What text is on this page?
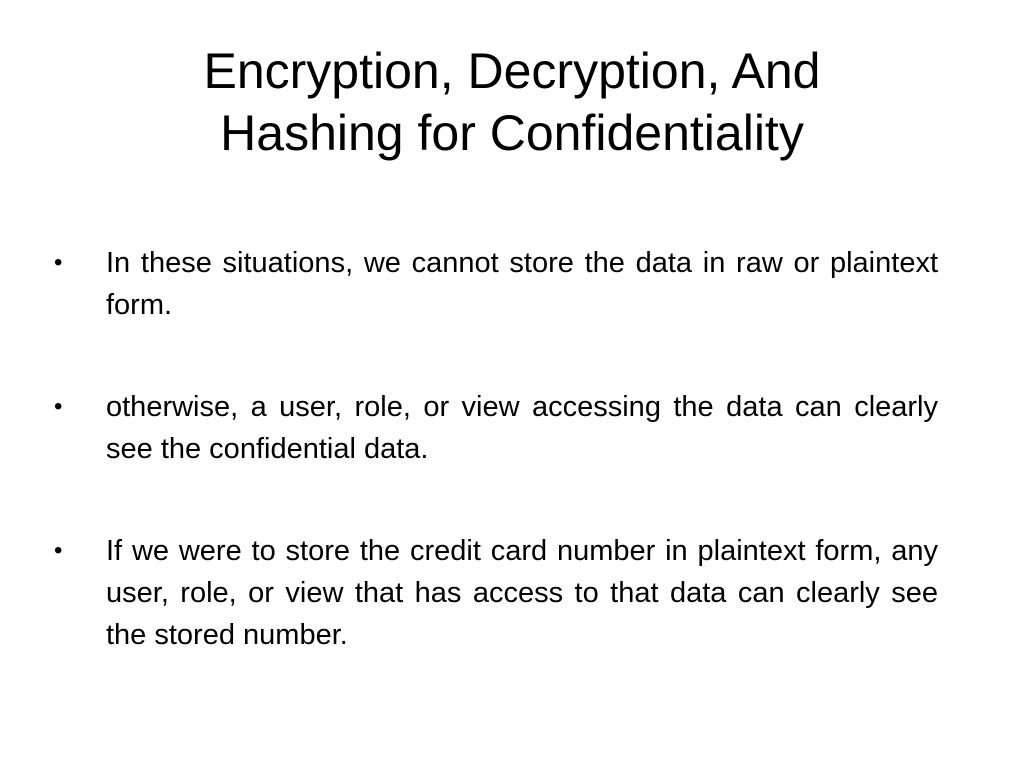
Encryption, Decryption, And
Hashing for Confidentiality
• In these situations, we cannot store the data in raw or plaintext form.
• otherwise, a user, role, or view accessing the data can clearly see the confidential data.
• If we were to store the credit card number in plaintext form, any user, role, or view that has access to that data can clearly see the stored number.
